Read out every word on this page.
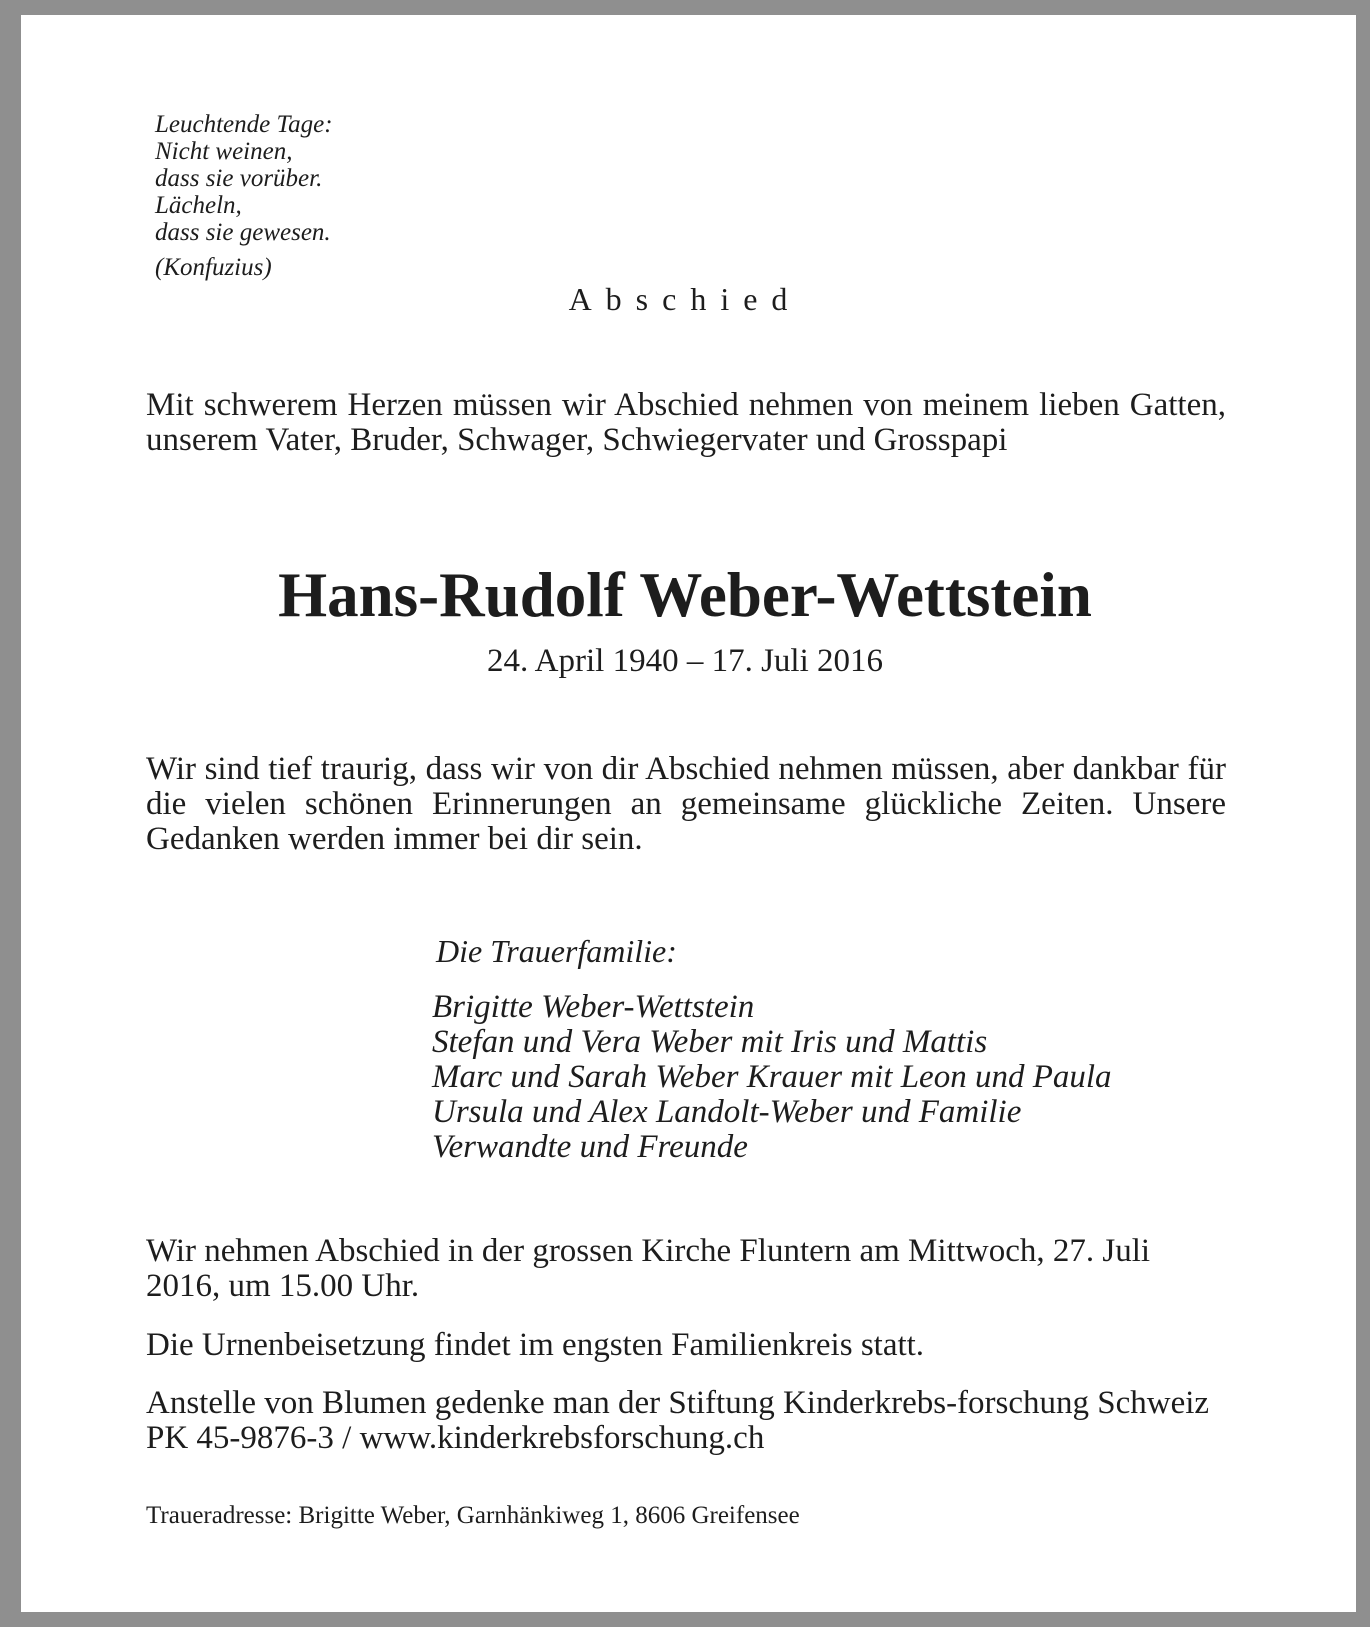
Leuchtende Tage:
Nicht weinen,
dass sie vorüber.
Lächeln,
dass sie gewesen.
(Konfuzius)
Abschied
Mit schwerem Herzen müssen wir Abschied nehmen von meinem lieben Gatten, unserem Vater, Bruder, Schwager, Schwiegervater und Grosspapi
Hans-Rudolf Weber-Wettstein
24. April 1940 – 17. Juli 2016
Wir sind tief traurig, dass wir von dir Abschied nehmen müssen, aber dankbar für die vielen schönen Erinnerungen an gemeinsame glückliche Zeiten. Unsere Gedanken werden immer bei dir sein.
Die Trauerfamilie:
Brigitte Weber-Wettstein
Stefan und Vera Weber mit Iris und Mattis
Marc und Sarah Weber Krauer mit Leon und Paula
Ursula und Alex Landolt-Weber und Familie
Verwandte und Freunde
Wir nehmen Abschied in der grossen Kirche Fluntern am Mittwoch, 27. Juli 2016, um 15.00 Uhr.
Die Urnenbeisetzung findet im engsten Familienkreis statt.
Anstelle von Blumen gedenke man der Stiftung Kinderkrebs-forschung Schweiz PK 45-9876-3 / www.kinderkrebsforschung.ch
Traueradresse: Brigitte Weber, Garnhänkiweg 1, 8606 Greifensee
